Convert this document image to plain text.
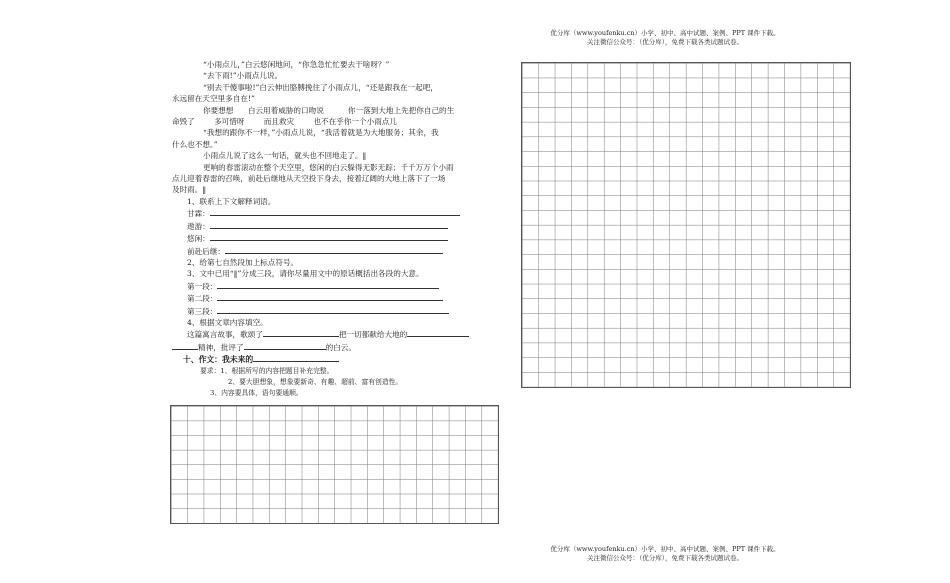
优分库（www.youfenku.cn）小学、初中、高中试题、案例、PPT 课件下载。
关注微信公众号：（优分库），免费下载各类试题试卷。
“小雨点儿，”白云悠闲地问，“你急急忙忙要去干啥呀？”
“去下雨!”小雨点儿说。
“别去干傻事啦!”白云伸出胳膊挽住了小雨点儿，“还是跟我在一起吧，
永远留在天空里多自在!”
你要想想      白云用着威胁的口吻说          你一落到大地上先把你自己的生
命毁了        多可惜呀        而且救灾        也不在乎你一个小雨点儿
“我想的跟你不一样，”小雨点儿说，“我活着就是为大地服务；其余，我
什么也不想。”
小雨点儿说了这么一句话，就头也不回地走了。‖
更响的春雷滚动在整个天空里，悠闲的白云躲得无影无踪；千千万万个小雨
点儿迎着春雷的召唤，前赴后继地从天空投下身去，接着辽阔的大地上落下了一场
及时雨。‖
1、联系上下文解释词语。
甘霖：
遨游：
悠闲：
前赴后继：
2、给第七自然段加上标点符号。
3、文中已用“‖”分成三段，请你尽量用文中的原话概括出各段的大意。
第一段：
第二段：
第三段：
4、根据文章内容填空。
这篇寓言故事，歌颂了	把一切都献给大地的
精神，批评了	的白云。
十、作文：我未来的
要求：1、根据所写的内容把题目补充完整。
2、要大胆想象，想象要新奇、有趣、超前、富有创造性。
3、内容要具体，语句要通顺。
优分库（www.youfenku.cn）小学、初中、高中试题、案例、PPT 课件下载。
关注微信公众号：（优分库），免费下载各类试题试卷。
